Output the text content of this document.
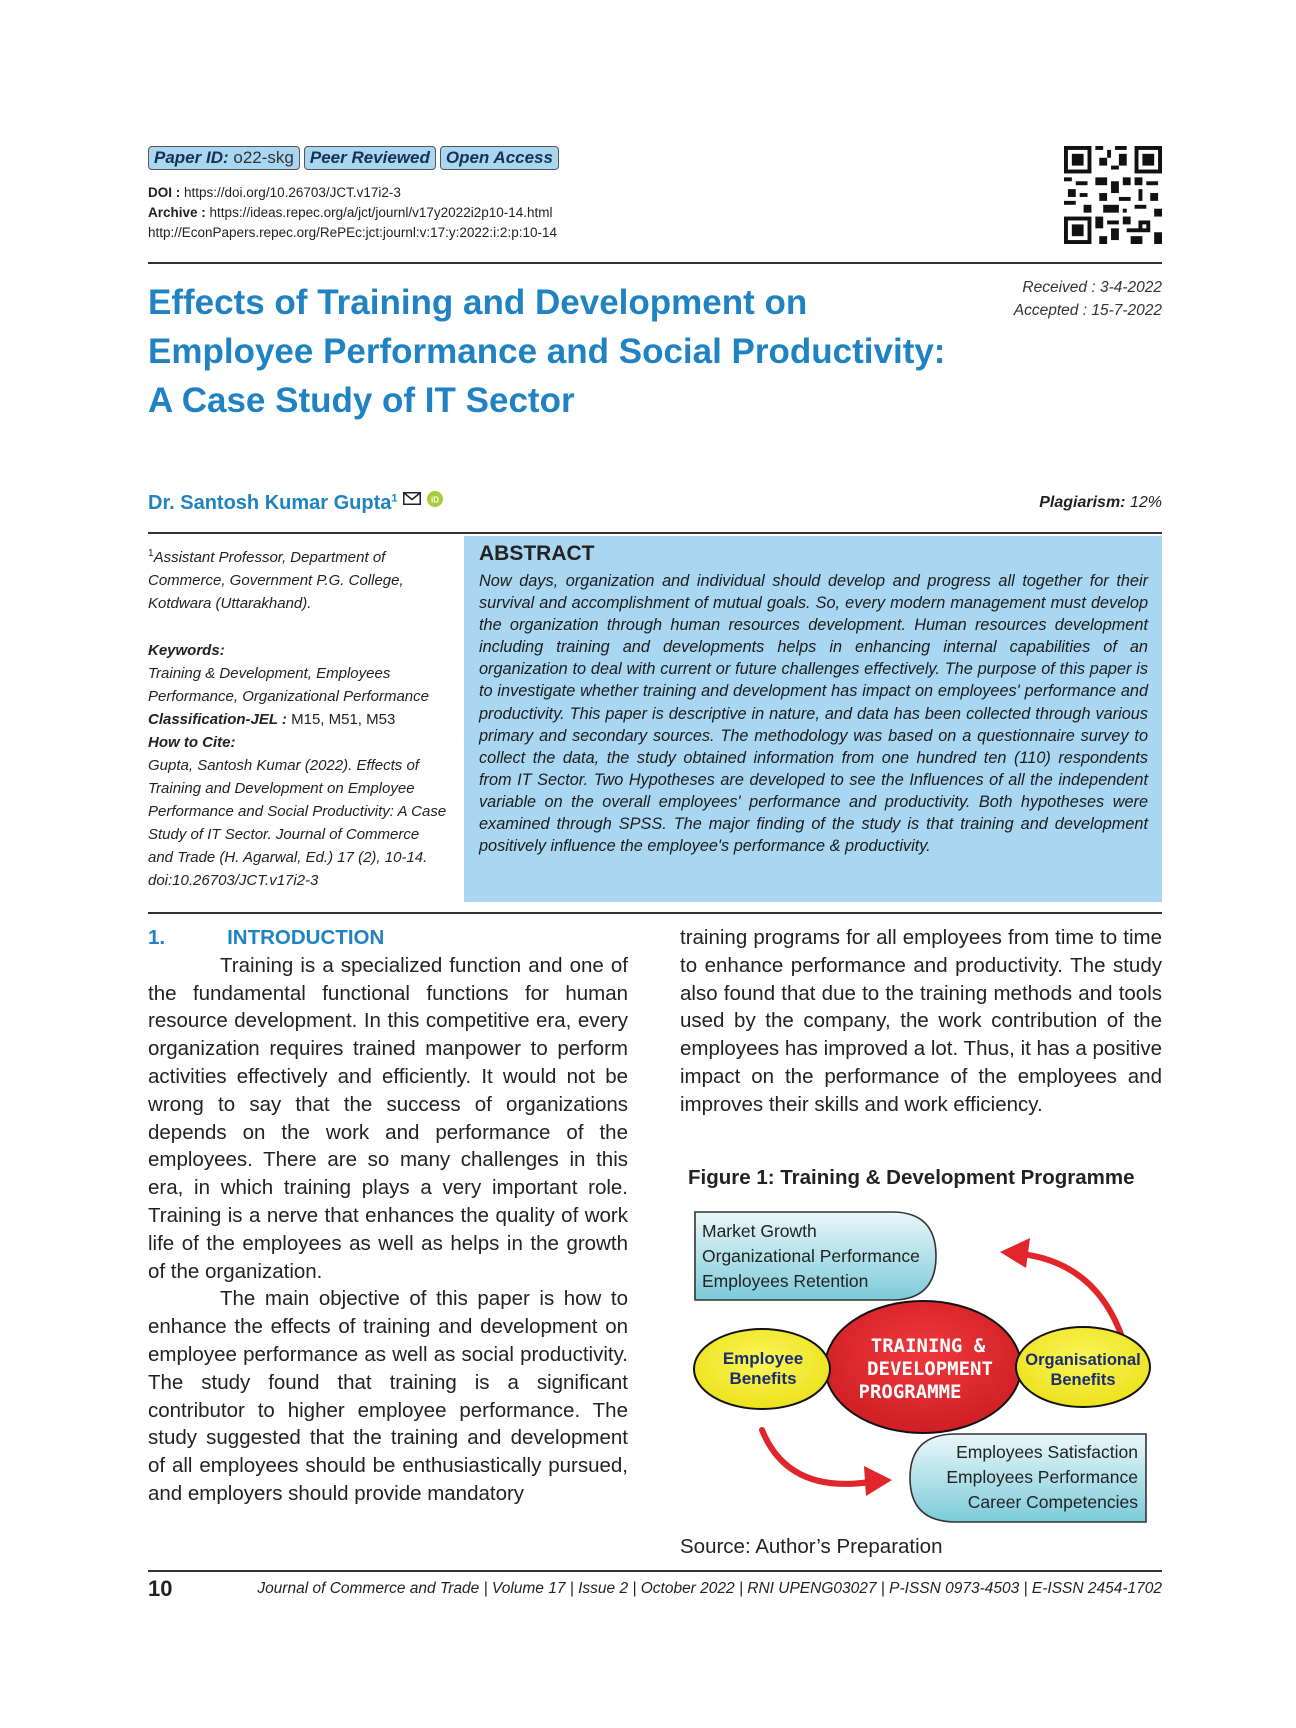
Paper ID: o22-skg Peer Reviewed Open Access
DOI : https://doi.org/10.26703/JCT.v17i2-3
Archive : https://ideas.repec.org/a/jct/journl/v17y2022i2p10-14.html
http://EconPapers.repec.org/RePEc:jct:journl:v:17:y:2022:i:2:p:10-14
Effects of Training and Development on
Employee Performance and Social Productivity:
A Case Study of IT Sector
Received : 3-4-2022
Accepted : 15-7-2022
Dr. Santosh Kumar Gupta$^1$	iD	Plagiarism: 12%
$^1$Assistant Professor, Department of Commerce, Government P.G. College, Kotdwara (Uttarakhand).
Keywords:
Training & Development, Employees Performance, Organizational Performance
Classification-JEL : M15, M51, M53
How to Cite:
Gupta, Santosh Kumar (2022). Effects of Training and Development on Employee Performance and Social Productivity: A Case Study of IT Sector. Journal of Commerce and Trade (H. Agarwal, Ed.) 17 (2), 10-14. doi:10.26703/JCT.v17i2-3
ABSTRACT

Now days, organization and individual should develop and progress all together for their survival and accomplishment of mutual goals. So, every modern management must develop the organization through human resources development. Human resources development including training and developments helps in enhancing internal capabilities of an organization to deal with current or future challenges effectively. The purpose of this paper is to investigate whether training and development has impact on employees' performance and productivity. This paper is descriptive in nature, and data has been collected through various primary and secondary sources. The methodology was based on a questionnaire survey to collect the data, the study obtained information from one hundred ten (110) respondents from IT Sector. Two Hypotheses are developed to see the Influences of all the independent variable on the overall employees' performance and productivity. Both hypotheses were examined through SPSS. The major finding of the study is that training and development positively influence the employee's performance & productivity.

1.	INTRODUCTION

Training is a specialized function and one of the fundamental functional functions for human resource development. In this competitive era, every organization requires trained manpower to perform activities effectively and efficiently. It would not be wrong to say that the success of organizations depends on the work and performance of the employees. There are so many challenges in this era, in which training plays a very important role. Training is a nerve that enhances the quality of work life of the employees as well as helps in the growth of the organization.

The main objective of this paper is how to enhance the effects of training and development on employee performance as well as social productivity. The study found that training is a significant contributor to higher employee performance. The study suggested that the training and development of all employees should be enthusiastically pursued, and employers should provide mandatory

training programs for all employees from time to time to enhance performance and productivity. The study also found that due to the training methods and tools used by the company, the work contribution of the employees has improved a lot. Thus, it has a positive impact on the performance of the employees and improves their skills and work efficiency.

Figure 1: Training & Development Programme
Market Growth
Organizational Performance
Employees Retention
TRAINING &
DEVELOPMENT
PROGRAMME
Employee
Benefits
Organisational
Benefits
Employees Satisfaction
Employees Performance
Career Competencies
Source: Author’s Preparation
10	Journal of Commerce and Trade | Volume 17 | Issue 2 | October 2022 | RNI UPENG03027 | P-ISSN 0973-4503 | E-ISSN 2454-1702
